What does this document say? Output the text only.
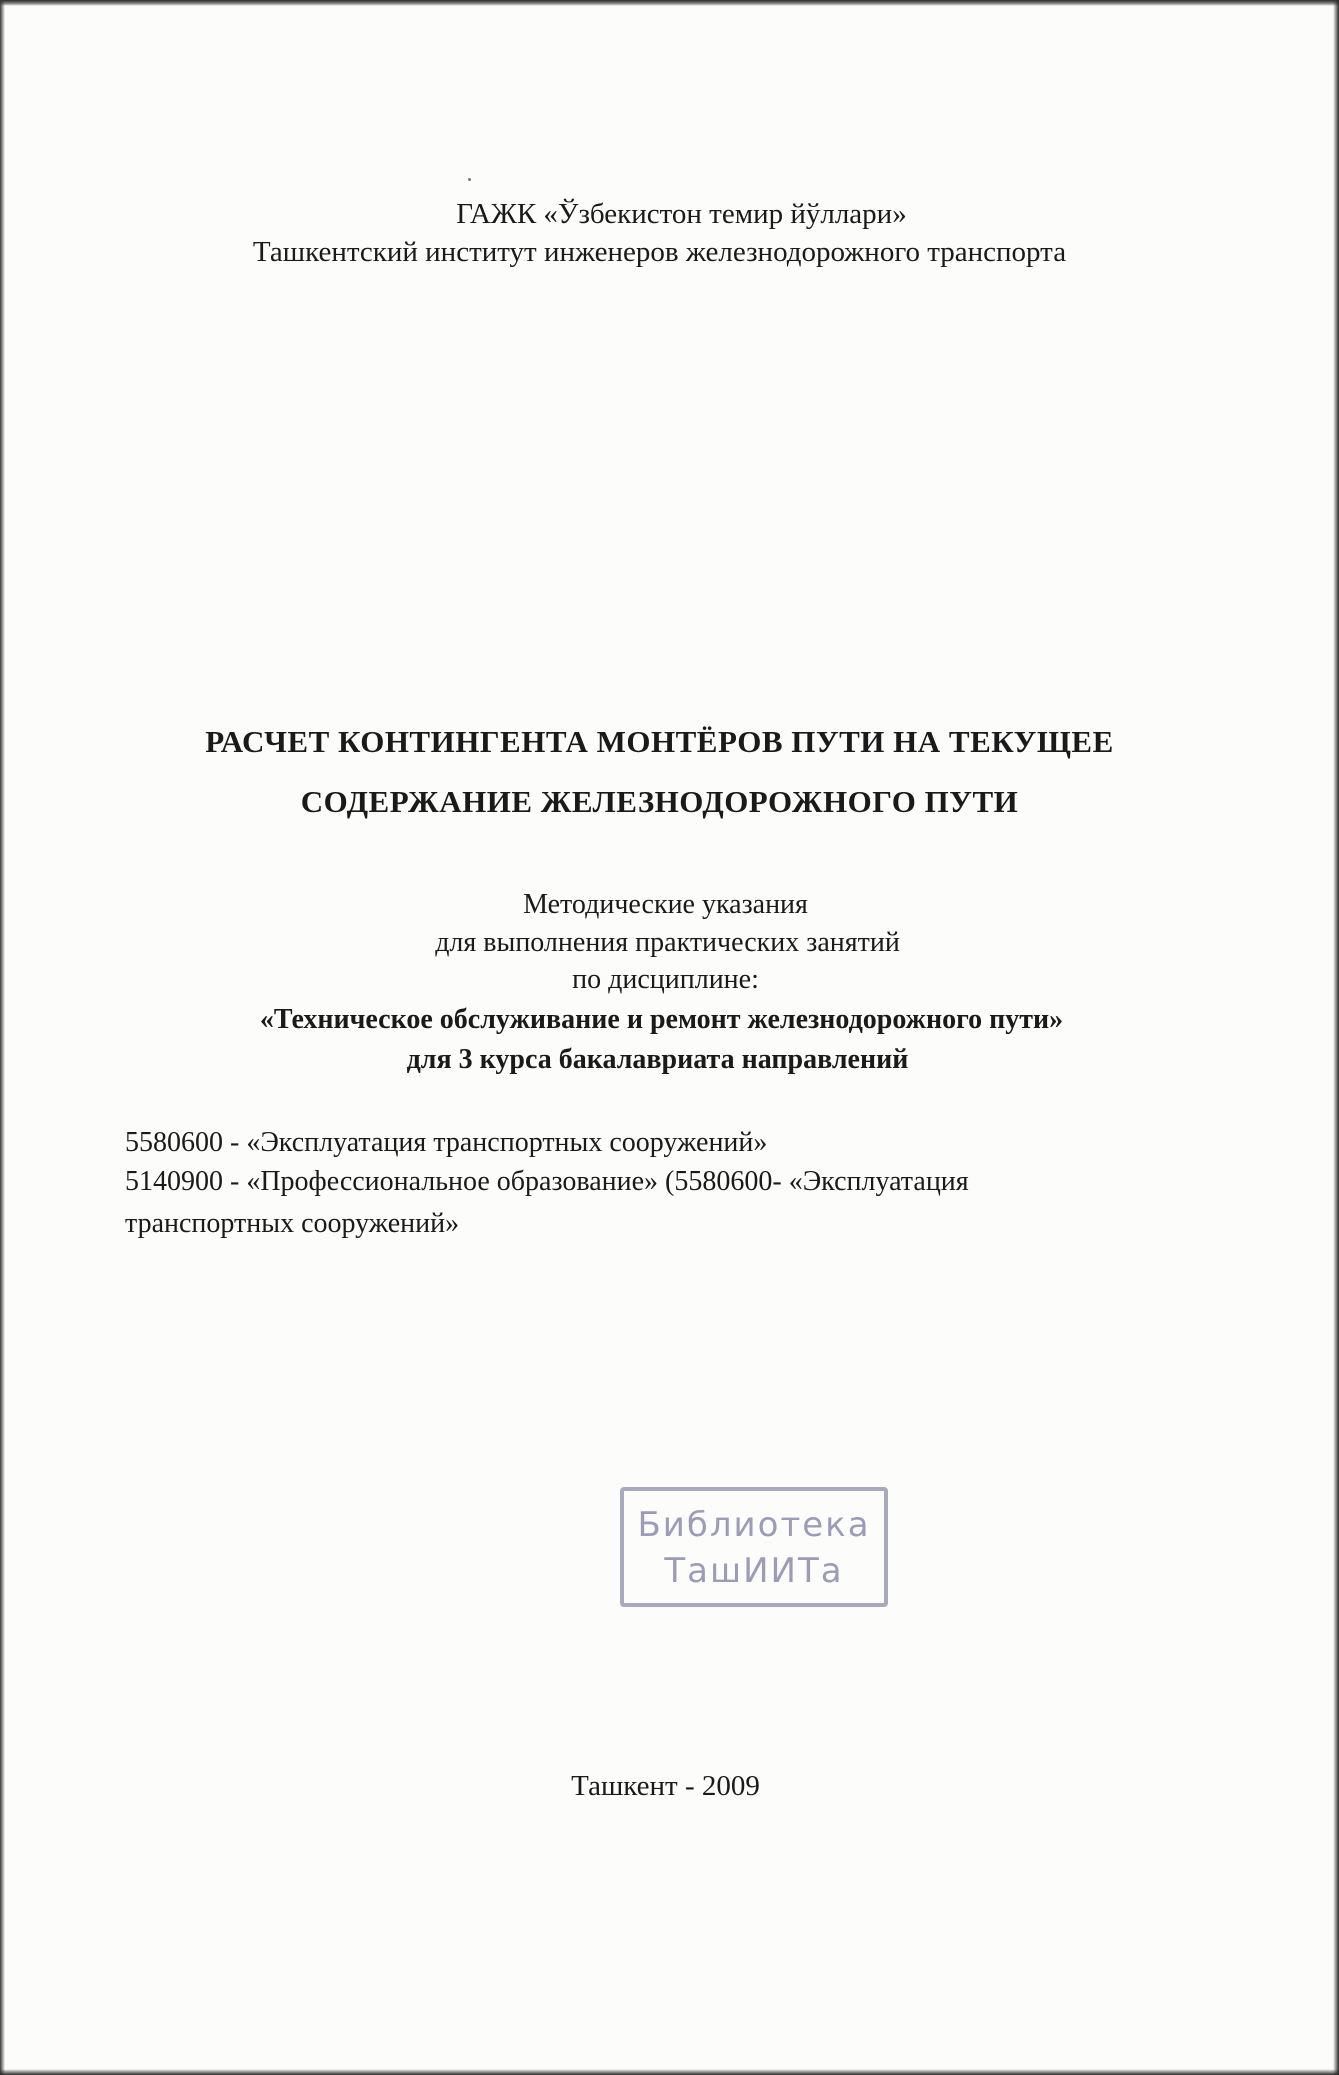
ГАЖК «Ўзбекистон темир йўллари»
Ташкентский институт инженеров железнодорожного транспорта
РАСЧЕТ КОНТИНГЕНТА МОНТЁРОВ ПУТИ НА ТЕКУЩЕЕ
СОДЕРЖАНИЕ ЖЕЛЕЗНОДОРОЖНОГО ПУТИ
Методические указания
для выполнения практических занятий
по дисциплине:
«Техническое обслуживание и ремонт железнодорожного пути»
для 3 курса бакалавриата направлений
5580600 - «Эксплуатация транспортных сооружений»
5140900 - «Профессиональное образование» (5580600- «Эксплуатация
транспортных сооружений»
Библиотека
ТашИИТа
Ташкент - 2009
